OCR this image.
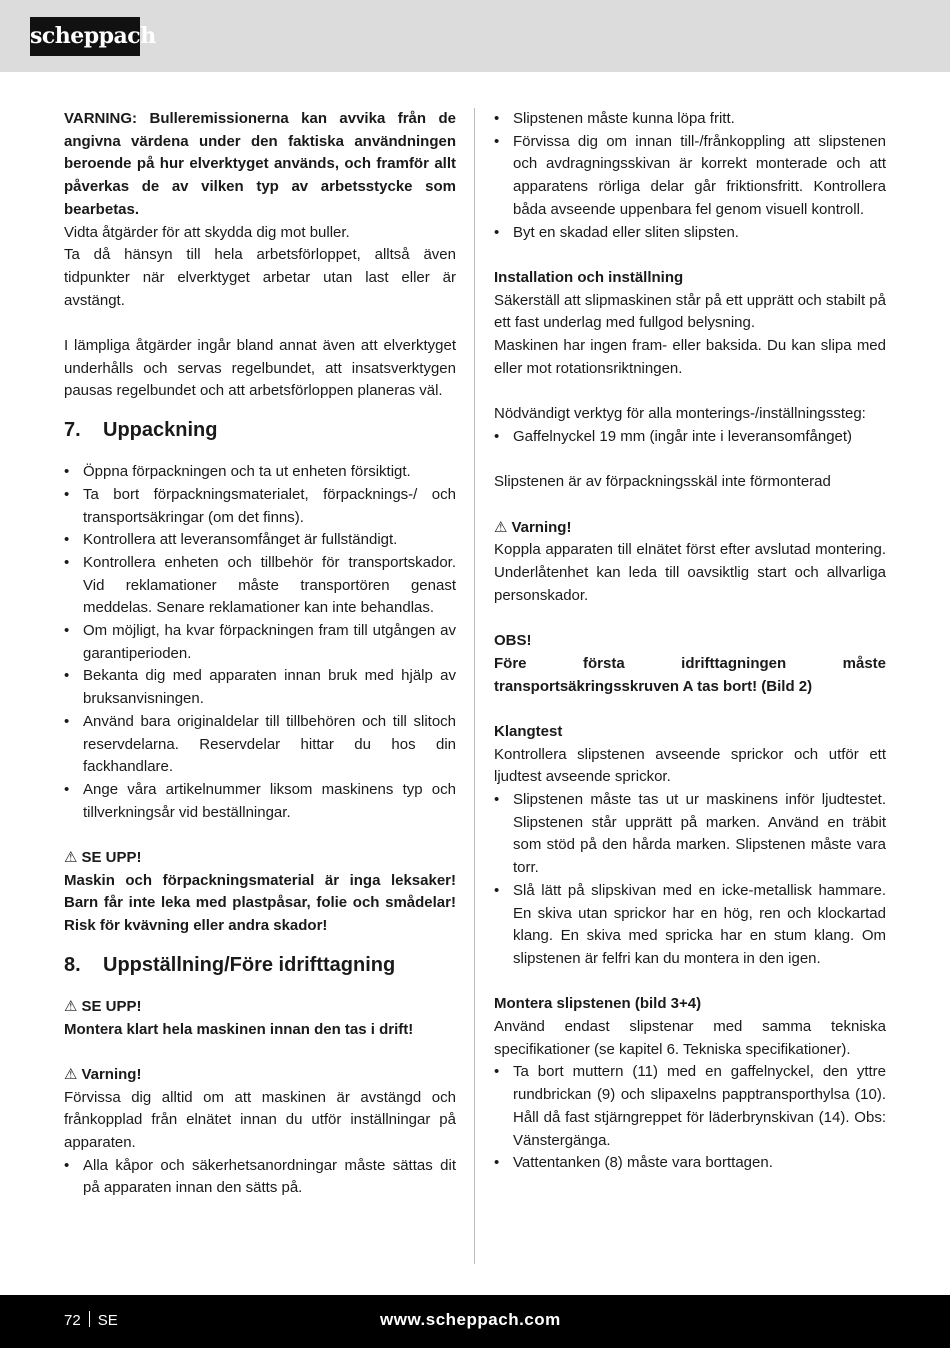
scheppach

VARNING: Bulleremissionerna kan avvika från de angivna värdena under den faktiska användningen beroende på hur elverktyget används, och framför allt påverkas de av vilken typ av arbetsstycke som bearbetas.

Vidta åtgärder för att skydda dig mot buller.

Ta då hänsyn till hela arbetsförloppet, alltså även tidpunkter när elverktyget arbetar utan last eller är avstängt.

I lämpliga åtgärder ingår bland annat även att elverktyget underhålls och servas regelbundet, att insatsverktygen pausas regelbundet och att arbetsförloppen planeras väl.

7.	Uppackning

• Öppna förpackningen och ta ut enheten försiktigt.

• Ta bort förpackningsmaterialet, förpacknings-/ och transportsäkringar (om det finns).

• Kontrollera att leveransomfånget är fullständigt.

• Kontrollera enheten och tillbehör för transportskador. Vid reklamationer måste transportören genast meddelas. Senare reklamationer kan inte behandlas.

• Om möjligt, ha kvar förpackningen fram till utgången av garantiperioden.

• Bekanta dig med apparaten innan bruk med hjälp av bruksanvisningen.

• Använd bara originaldelar till tillbehören och till slitoch reservdelarna. Reservdelar hittar du hos din fackhandlare.

• Ange våra artikelnummer liksom maskinens typ och tillverkningsår vid beställningar.

⚠ SE UPP!

Maskin och förpackningsmaterial är inga leksaker! Barn får inte leka med plastpåsar, folie och smådelar! Risk för kvävning eller andra skador!

8.	Uppställning/Före idrifttagning

⚠ SE UPP!

Montera klart hela maskinen innan den tas i drift!

⚠ Varning!

Förvissa dig alltid om att maskinen är avstängd och frånkopplad från elnätet innan du utför inställningar på apparaten.

• Alla kåpor och säkerhetsanordningar måste sättas dit på apparaten innan den sätts på.

• Slipstenen måste kunna löpa fritt.

• Förvissa dig om innan till-/frånkoppling att slipstenen och avdragningsskivan är korrekt monterade och att apparatens rörliga delar går friktionsfritt. Kontrollera båda avseende uppenbara fel genom visuell kontroll.

• Byt en skadad eller sliten slipsten.

Installation och inställning

Säkerställ att slipmaskinen står på ett upprätt och stabilt på ett fast underlag med fullgod belysning.

Maskinen har ingen fram- eller baksida. Du kan slipa med eller mot rotationsriktningen.

Nödvändigt verktyg för alla monterings-/inställningssteg:

• Gaffelnyckel 19 mm (ingår inte i leveransomfånget)

Slipstenen är av förpackningsskäl inte förmonterad

⚠ Varning!

Koppla apparaten till elnätet först efter avslutad montering. Underlåtenhet kan leda till oavsiktlig start och allvarliga personskador.

OBS!

Före första idrifttagningen måste transportsäkringsskruven A tas bort! (Bild 2)

Klangtest

Kontrollera slipstenen avseende sprickor och utför ett ljudtest avseende sprickor.

• Slipstenen måste tas ut ur maskinens inför ljudtestet. Slipstenen står upprätt på marken. Använd en träbit som stöd på den hårda marken. Slipstenen måste vara torr.

• Slå lätt på slipskivan med en icke-metallisk hammare. En skiva utan sprickor har en hög, ren och klockartad klang. En skiva med spricka har en stum klang. Om slipstenen är felfri kan du montera in den igen.

Montera slipstenen (bild 3+4)

Använd endast slipstenar med samma tekniska specifikationer (se kapitel 6. Tekniska specifikationer).

• Ta bort muttern (11) med en gaffelnyckel, den yttre rundbrickan (9) och slipaxelns papptransporthylsa (10). Håll då fast stjärngreppet för läderbrynskivan (14). Obs: Vänstergänga.

• Vattentanken (8) måste vara borttagen.

72 SE	www.scheppach.com
